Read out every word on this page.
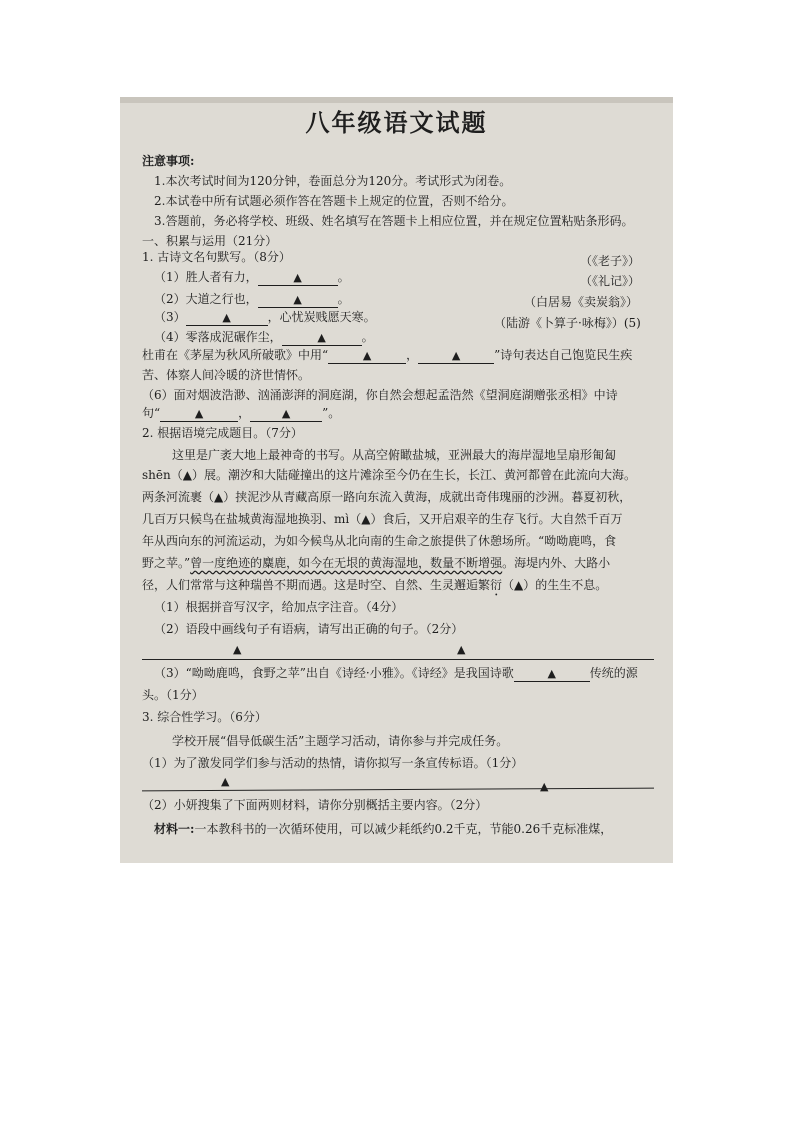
八年级语文试题
注意事项:
1.本次考试时间为120分钟，卷面总分为120分。考试形式为闭卷。
2.本试卷中所有试题必须作答在答题卡上规定的位置，否则不给分。
3.答题前，务必将学校、班级、姓名填写在答题卡上相应位置，并在规定位置粘贴条形码。
一、积累与运用（21分）
1. 古诗文名句默写。（8分）	（《老子》）
（1）胜人者有力，	▲	。	（《礼记》）
（2）大道之行也，	▲	。	（白居易《卖炭翁》）
（3）	▲	，心忧炭贱愿天寒。	（陆游《卜算子·咏梅》）(5)
（4）零落成泥碾作尘，	▲	。
杜甫在《茅屋为秋风所破歌》中用“	▲	，	▲	”诗句表达自己饱览民生疾
苦、体察人间冷暖的济世情怀。
（6）面对烟波浩渺、汹涌澎湃的洞庭湖，你自然会想起孟浩然《望洞庭湖赠张丞相》中诗
句“	▲	，	▲	”。
2. 根据语境完成题目。（7分）
这里是广袤大地上最神奇的书写。从高空俯瞰盐城，亚洲最大的海岸湿地呈扇形匍匐
shēn（▲）展。潮汐和大陆碰撞出的这片滩涂至今仍在生长，长江、黄河都曾在此流向大海。
两条河流裹（▲）挟泥沙从青藏高原一路向东流入黄海，成就出奇伟瑰丽的沙洲。暮夏初秋，
几百万只候鸟在盐城黄海湿地换羽、mì（▲）食后，又开启艰辛的生存飞行。大自然千百万
年从西向东的河流运动，为如今候鸟从北向南的生命之旅提供了休憩场所。“呦呦鹿鸣，食
野之苹。”曾一度绝迹的麋鹿，如今在无垠的黄海湿地，数量不断增强。海堤内外、大路小
径，人们常常与这种瑞兽不期而遇。这是时空、自然、生灵邂逅繁衍（▲）的生生不息。
（1）根据拼音写汉字，给加点字注音。（4分）
（2）语段中画线句子有语病，请写出正确的句子。（2分）
▲	▲
（3）“呦呦鹿鸣，食野之苹”出自《诗经·小雅》。《诗经》是我国诗歌	▲	传统的源
头。（1分）
3. 综合性学习。（6分）
学校开展“倡导低碳生活”主题学习活动，请你参与并完成任务。
（1）为了激发同学们参与活动的热情，请你拟写一条宣传标语。（1分）
▲	▲
（2）小妍搜集了下面两则材料，请你分别概括主要内容。（2分）
材料一:一本教科书的一次循环使用，可以减少耗纸约0.2千克，节能0.26千克标准煤，
